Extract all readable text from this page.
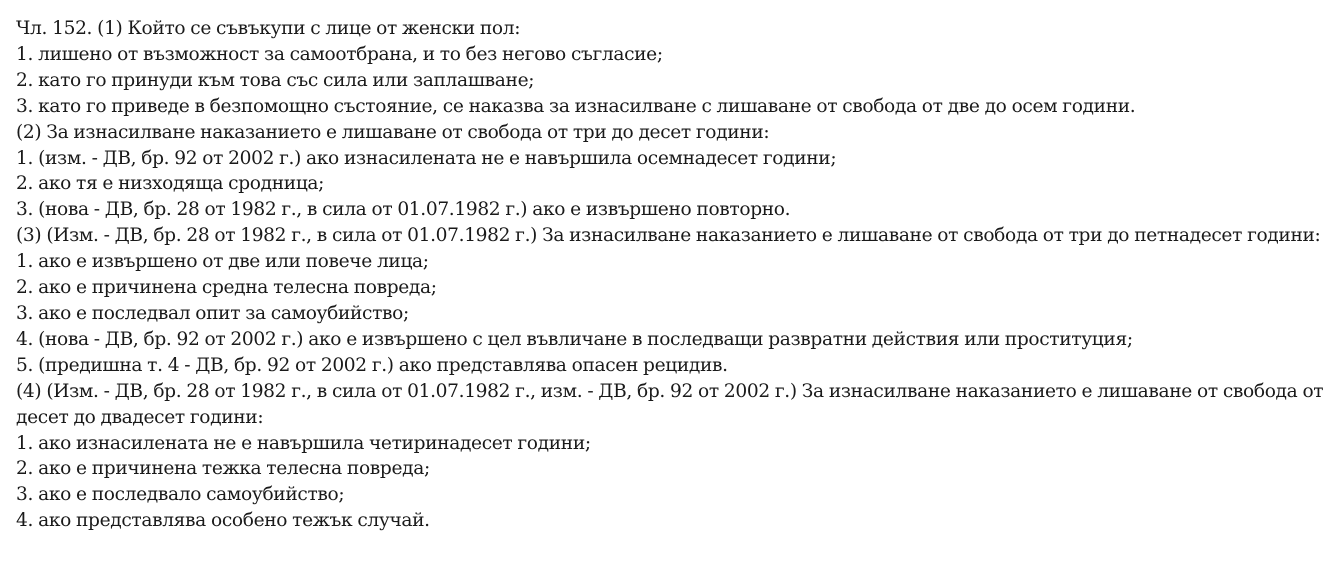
Чл. 152. (1) Който се съвъкупи с лице от женски пол:
1. лишено от възможност за самоотбрана, и то без негово съгласие;
2. като го принуди към това със сила или заплашване;
3. като го приведе в безпомощно състояние, се наказва за изнасилване с лишаване от свобода от две до осем години.
(2) За изнасилване наказанието е лишаване от свобода от три до десет години:
1. (изм. - ДВ, бр. 92 от 2002 г.) ако изнасилената не е навършила осемнадесет години;
2. ако тя е низходяща сродница;
3. (нова - ДВ, бр. 28 от 1982 г., в сила от 01.07.1982 г.) ако е извършено повторно.
(3) (Изм. - ДВ, бр. 28 от 1982 г., в сила от 01.07.1982 г.) За изнасилване наказанието е лишаване от свобода от три до петнадесет години:
1. ако е извършено от две или повече лица;
2. ако е причинена средна телесна повреда;
3. ако е последвал опит за самоубийство;
4. (нова - ДВ, бр. 92 от 2002 г.) ако е извършено с цел въвличане в последващи развратни действия или проституция;
5. (предишна т. 4 - ДВ, бр. 92 от 2002 г.) ако представлява опасен рецидив.
(4) (Изм. - ДВ, бр. 28 от 1982 г., в сила от 01.07.1982 г., изм. - ДВ, бр. 92 от 2002 г.) За изнасилване наказанието е лишаване от свобода от десет до двадесет години:
1. ако изнасилената не е навършила четиринадесет години;
2. ако е причинена тежка телесна повреда;
3. ако е последвало самоубийство;
4. ако представлява особено тежък случай.
